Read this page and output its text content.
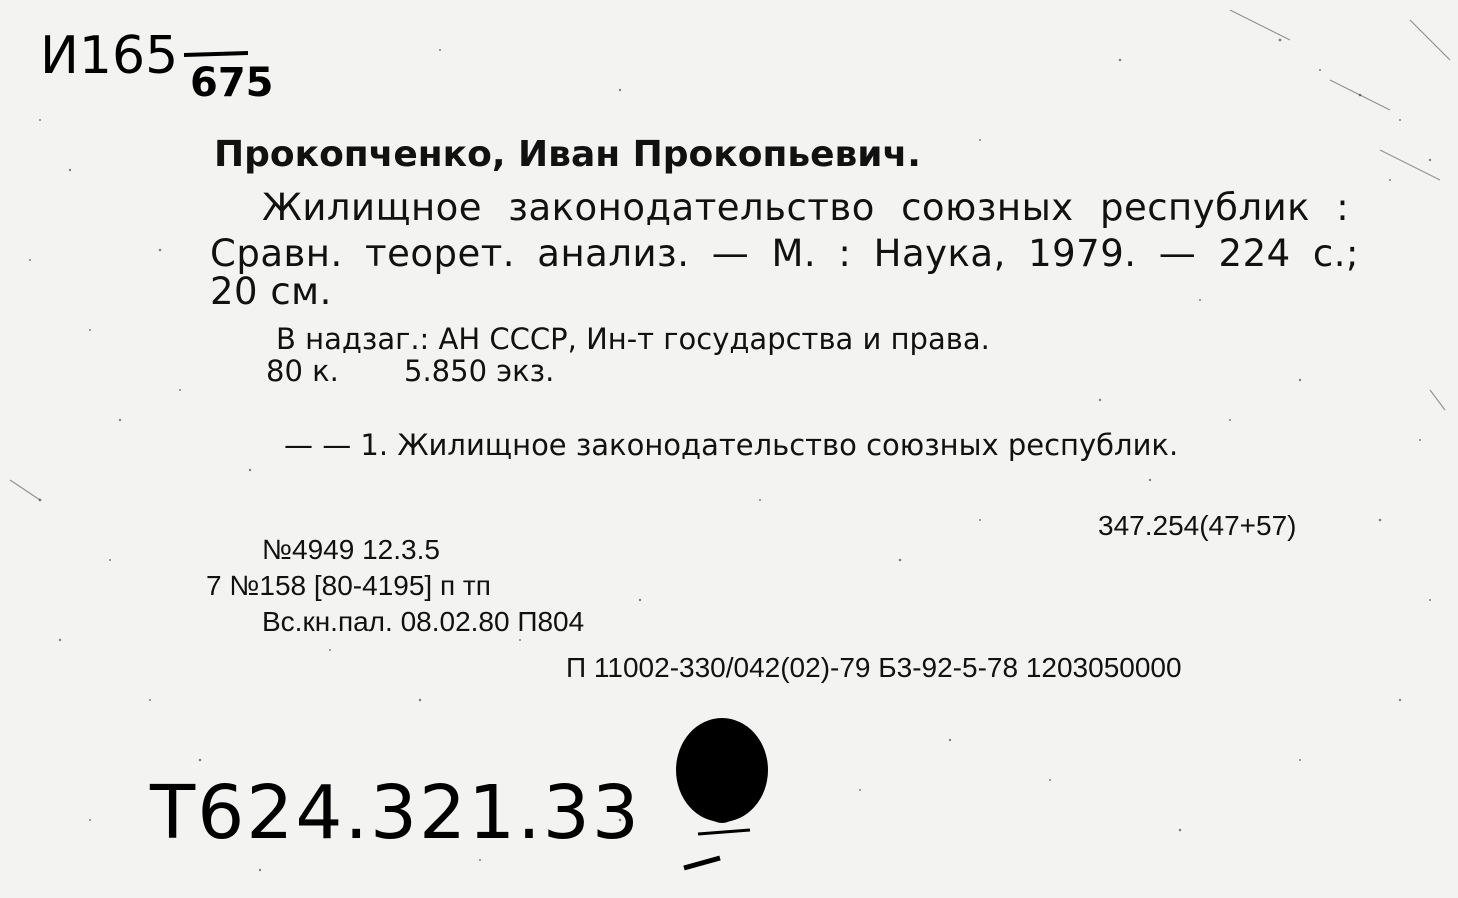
И165 675
T624.321.33
Прокопченко, Иван Прокопьевич.
Жилищное законодательство союзных республик :
Сравн. теорет. анализ. — М. : Наука, 1979. — 224 с.;
20 см.
В надзаг.: АН СССР, Ин-т государства и права.
80 к. 5.850 экз.
— — 1. Жилищное законодательство союзных республик.
347.254(47+57)
№4949 12.3.5
7 №158 [80-4195] п тп
Вс.кн.пал. 08.02.80 П804
П 11002-330/042(02)-79 Б3-92-5-78 1203050000
